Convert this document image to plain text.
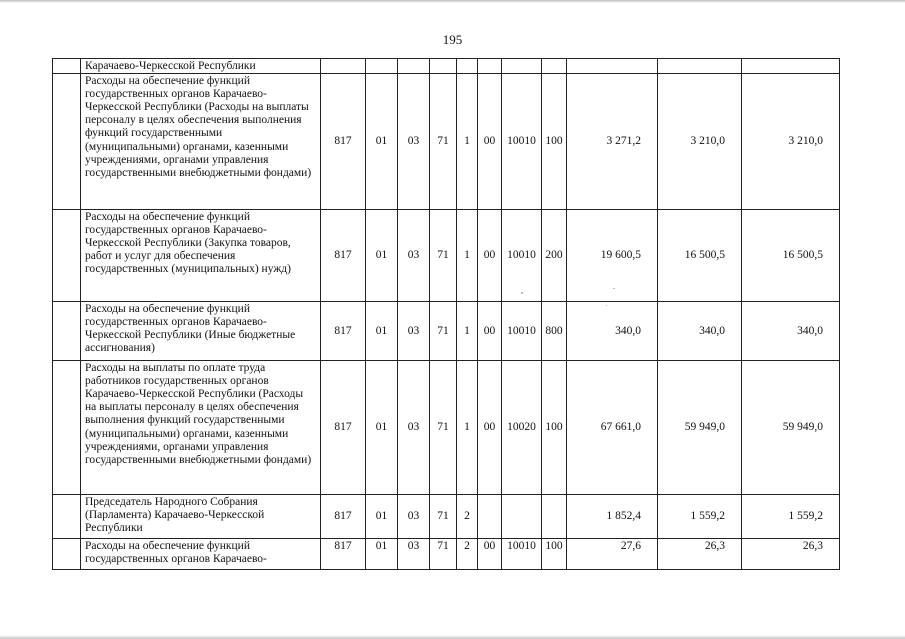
195
	Карачаево-Черкесской Республики											
	Расходы на обеспечение функций государственных органов Карачаево-Черкесской Республики (Расходы на выплаты персоналу в целях обеспечения выполнения функций государственными (муниципальными) органами, казенными учреждениями, органами управления государственными внебюджетными фондами)	817	01	03	71	1	00	10010	100	3 271,2	3 210,0	3 210,0
	Расходы на обеспечение функций государственных органов Карачаево-Черкесской Республики (Закупка товаров, работ и услуг для обеспечения государственных (муниципальных) нужд)	817	01	03	71	1	00	10010	200	19 600,5	16 500,5	16 500,5
	Расходы на обеспечение функций государственных органов Карачаево-Черкесской Республики (Иные бюджетные ассигнования)	817	01	03	71	1	00	10010	800	340,0	340,0	340,0
	Расходы на выплаты по оплате труда работников государственных органов Карачаево-Черкесской Республики (Расходы на выплаты персоналу в целях обеспечения выполнения функций государственными (муниципальными) органами, казенными учреждениями, органами управления государственными внебюджетными фондами)	817	01	03	71	1	00	10020	100	67 661,0	59 949,0	59 949,0
	Председатель Народного Собрания (Парламента) Карачаево-Черкесской Республики	817	01	03	71	2				1 852,4	1 559,2	1 559,2
	Расходы на обеспечение функций государственных органов Карачаево-	817	01	03	71	2	00	10010	100	27,6	26,3	26,3
